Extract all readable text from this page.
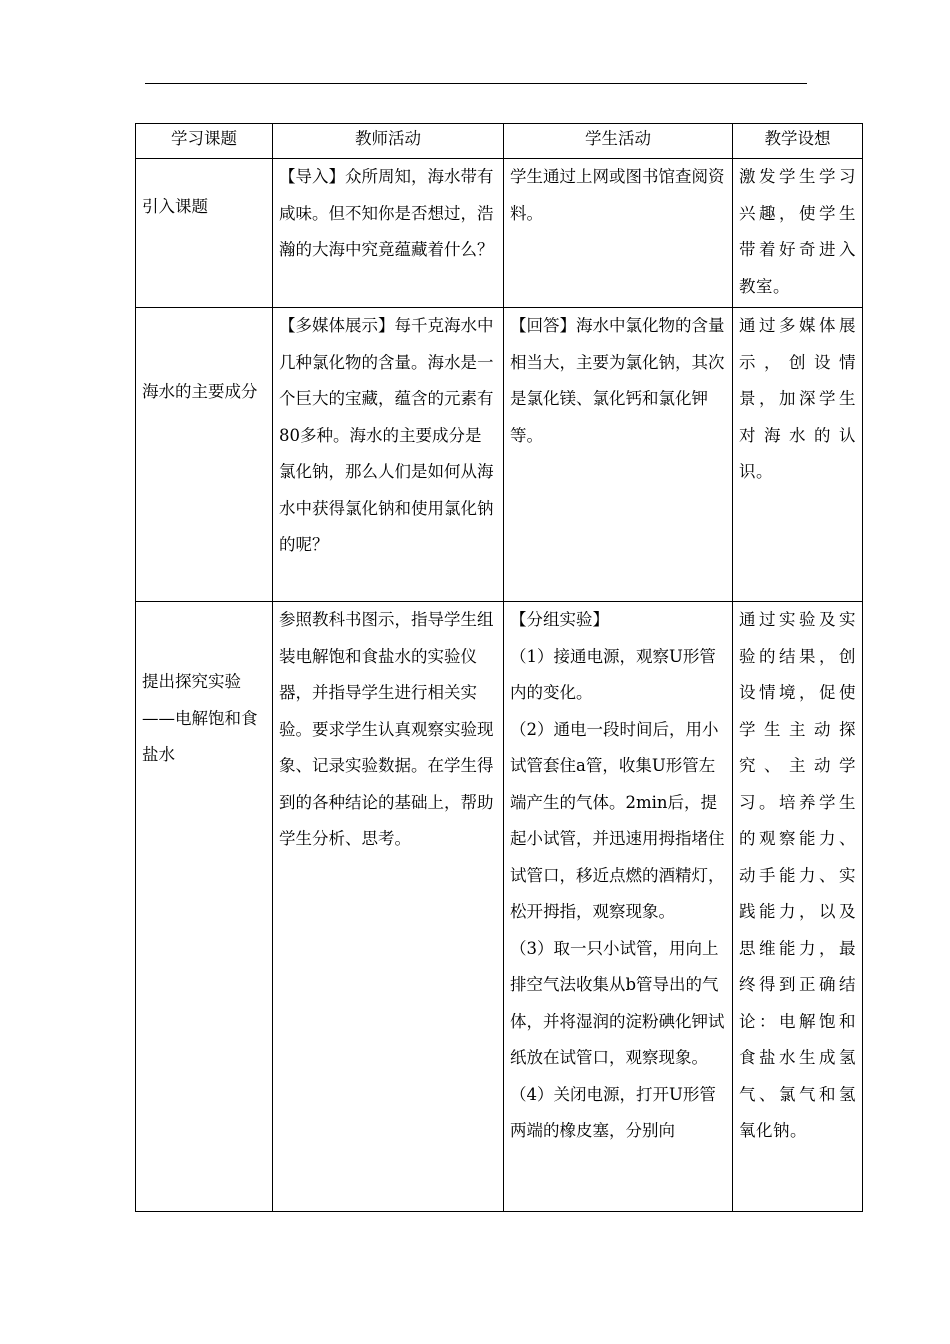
学习课题	教师活动	学生活动	教学设想

引入课题	【导入】众所周知，海水带有咸味。但不知你是否想过，浩瀚的大海中究竟蕴藏着什么？	学生通过上网或图书馆查阅资料。	激发学生学习兴趣，使学生带着好奇进入教室。

海水的主要成分	【多媒体展示】每千克海水中几种氯化物的含量。海水是一个巨大的宝藏，蕴含的元素有80多种。海水的主要成分是氯化钠，那么人们是如何从海水中获得氯化钠和使用氯化钠的呢？	【回答】海水中氯化物的含量相当大，主要为氯化钠，其次是氯化镁、氯化钙和氯化钾等。	通过多媒体展示，创设情景，加深学生对海水的认识。

提出探究实验——电解饱和食盐水	参照教科书图示，指导学生组装电解饱和食盐水的实验仪器，并指导学生进行相关实验。要求学生认真观察实验现象、记录实验数据。在学生得到的各种结论的基础上，帮助学生分析、思考。	【分组实验】
（1）接通电源，观察U形管内的变化。
（2）通电一段时间后，用小试管套住a管，收集U形管左端产生的气体。2min后，提起小试管，并迅速用拇指堵住试管口，移近点燃的酒精灯，松开拇指，观察现象。
（3）取一只小试管，用向上排空气法收集从b管导出的气体，并将湿润的淀粉碘化钾试纸放在试管口，观察现象。
（4）关闭电源，打开U形管两端的橡皮塞，分别向	通过实验及实验的结果，创设情境，促使学生主动探究、主动学习。培养学生的观察能力、动手能力、实践能力，以及思维能力，最终得到正确结论：电解饱和食盐水生成氢气、氯气和氢氧化钠。
